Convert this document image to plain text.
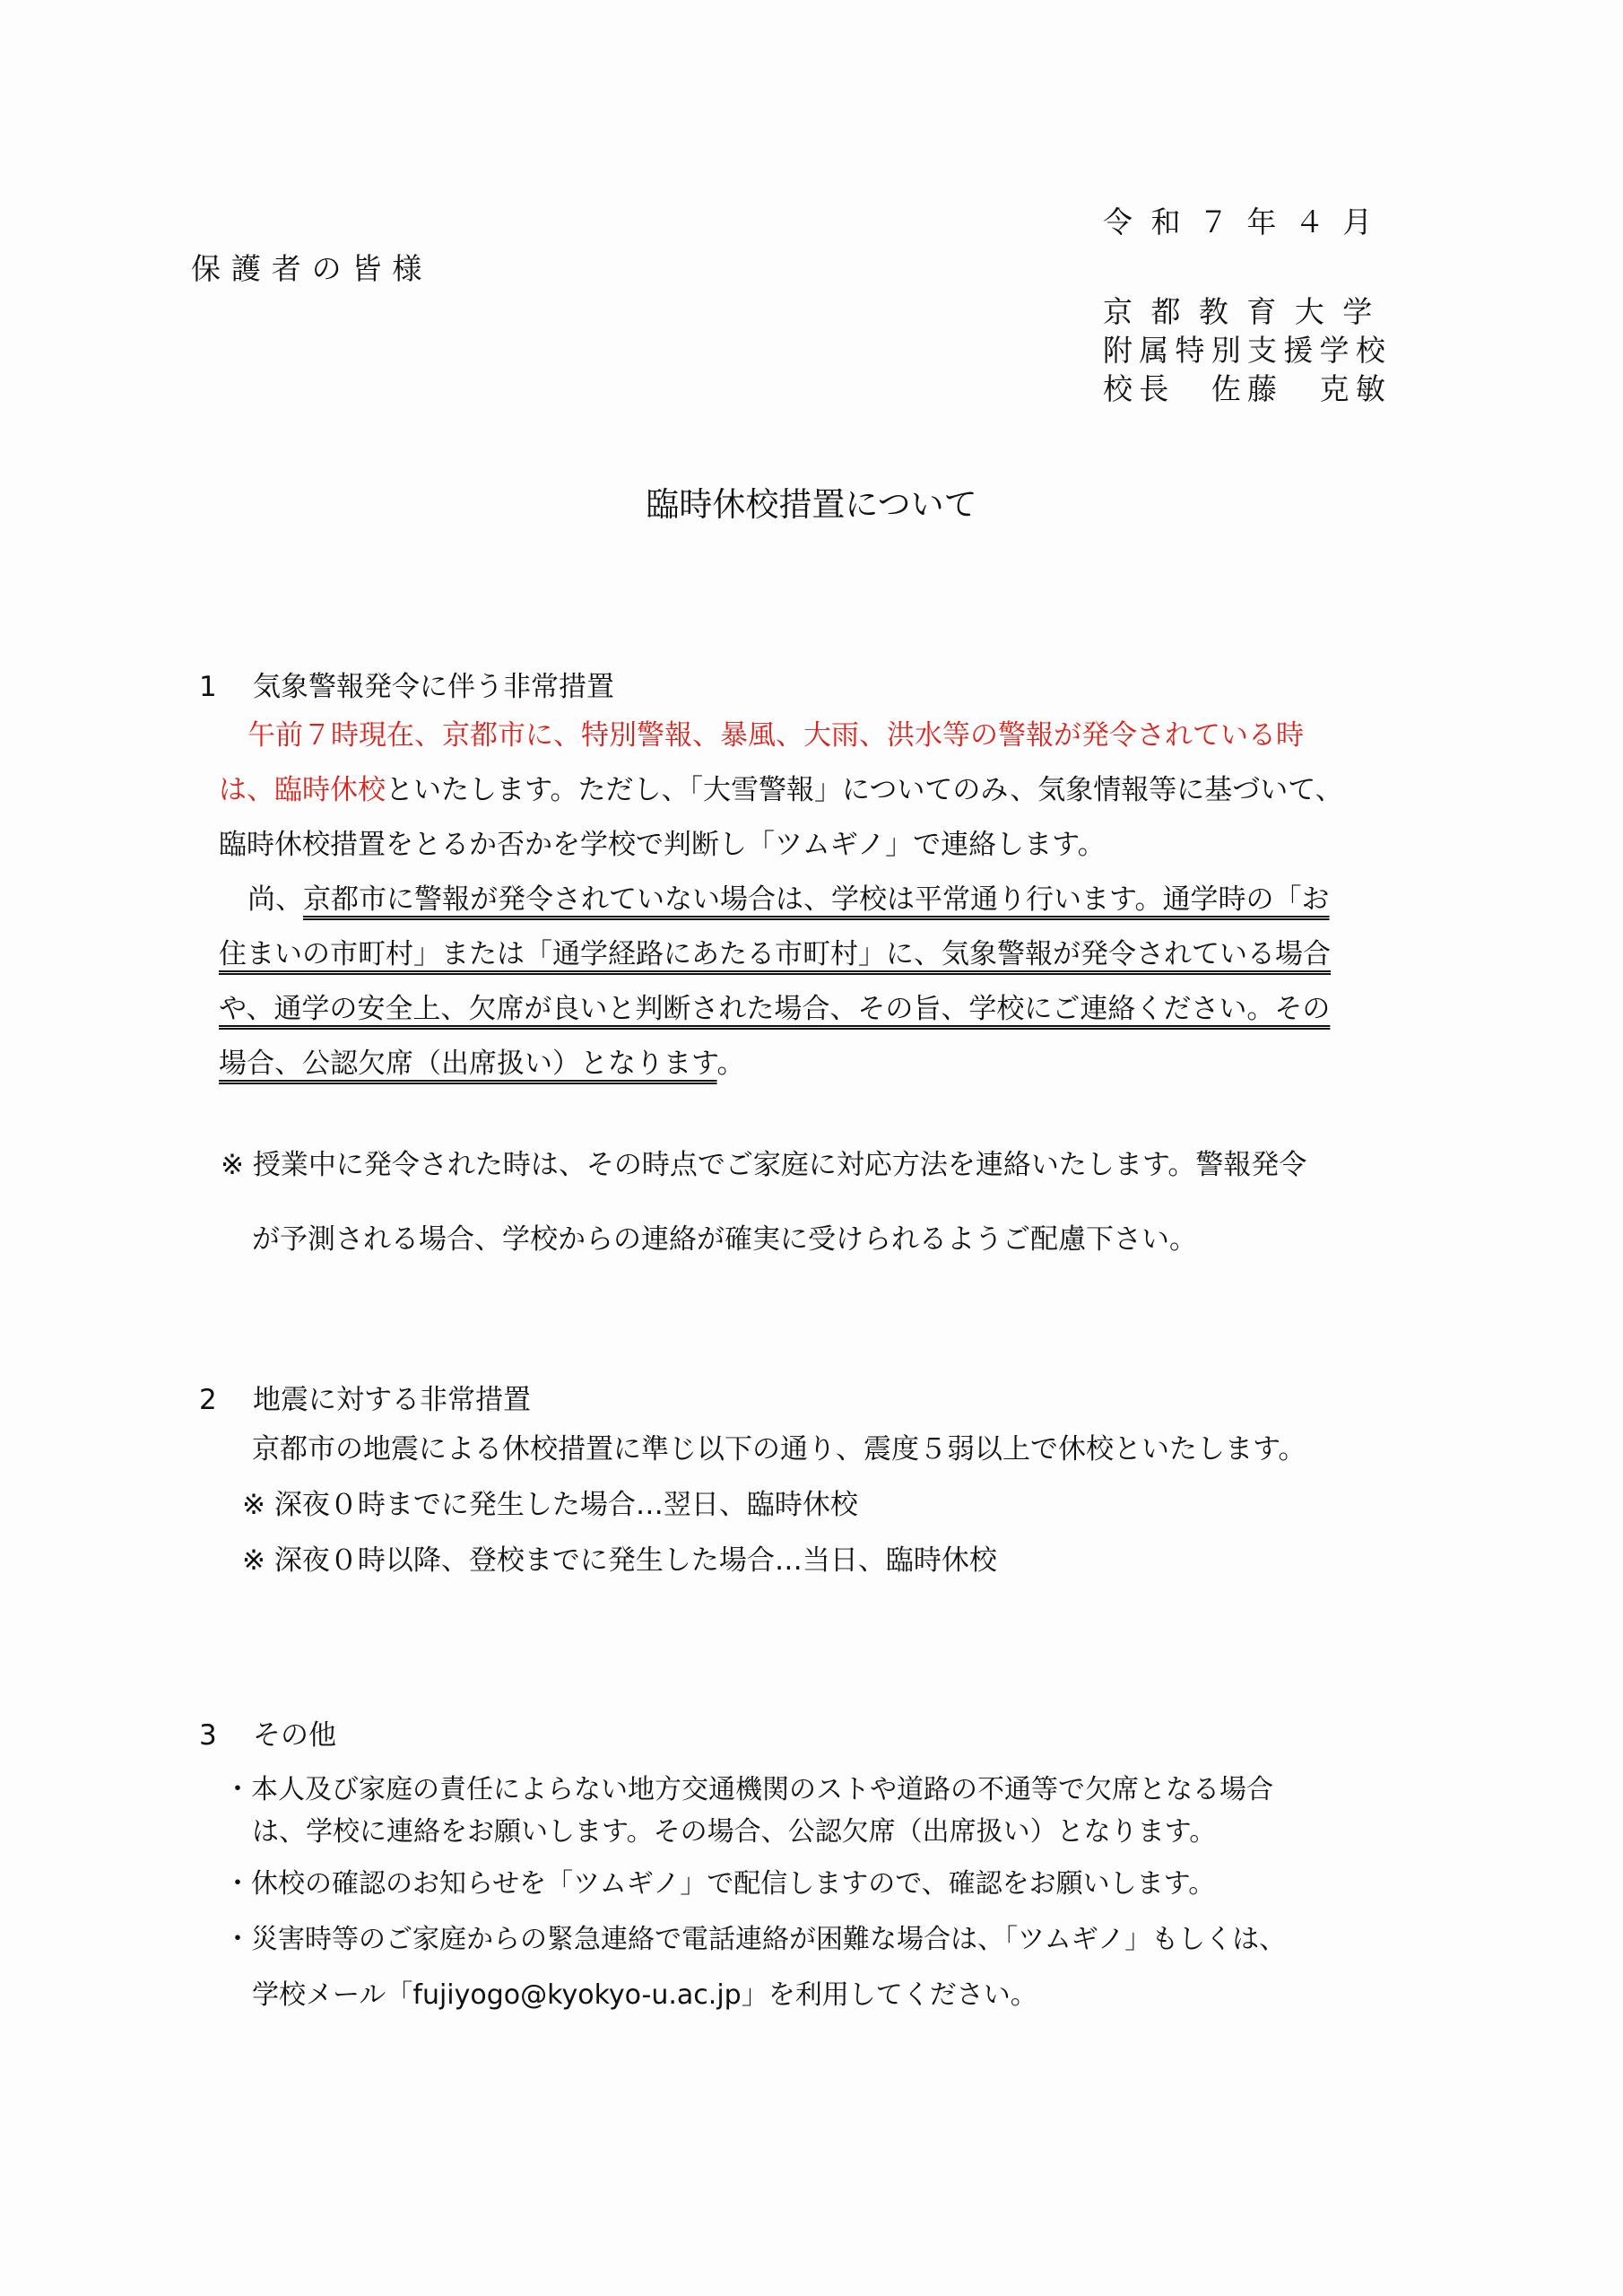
令和７年４月
保護者の皆様
京都教育大学
附属特別支援学校
校長　佐藤　克敏
臨時休校措置について
1 気象警報発令に伴う非常措置
午前７時現在、京都市に、特別警報、暴風、大雨、洪水等の警報が発令されている時
は、臨時休校といたします。ただし、「大雪警報」についてのみ、気象情報等に基づいて、
臨時休校措置をとるか否かを学校で判断し「ツムギノ」で連絡します。
尚、京都市に警報が発令されていない場合は、学校は平常通り行います。通学時の「お
住まいの市町村」または「通学経路にあたる市町村」に、気象警報が発令されている場合
や、通学の安全上、欠席が良いと判断された場合、その旨、学校にご連絡ください。その
場合、公認欠席（出席扱い）となります。
※ 授業中に発令された時は、その時点でご家庭に対応方法を連絡いたします。警報発令
が予測される場合、学校からの連絡が確実に受けられるようご配慮下さい。
2 地震に対する非常措置
京都市の地震による休校措置に準じ以下の通り、震度５弱以上で休校といたします。
※ 深夜０時までに発生した場合…翌日、臨時休校
※ 深夜０時以降、登校までに発生した場合…当日、臨時休校
3 その他
・本人及び家庭の責任によらない地方交通機関のストや道路の不通等で欠席となる場合
は、学校に連絡をお願いします。その場合、公認欠席（出席扱い）となります。
・休校の確認のお知らせを「ツムギノ」で配信しますので、確認をお願いします。
・災害時等のご家庭からの緊急連絡で電話連絡が困難な場合は、「ツムギノ」もしくは、
学校メール「fujiyogo@kyokyo-u.ac.jp」を利用してください。
